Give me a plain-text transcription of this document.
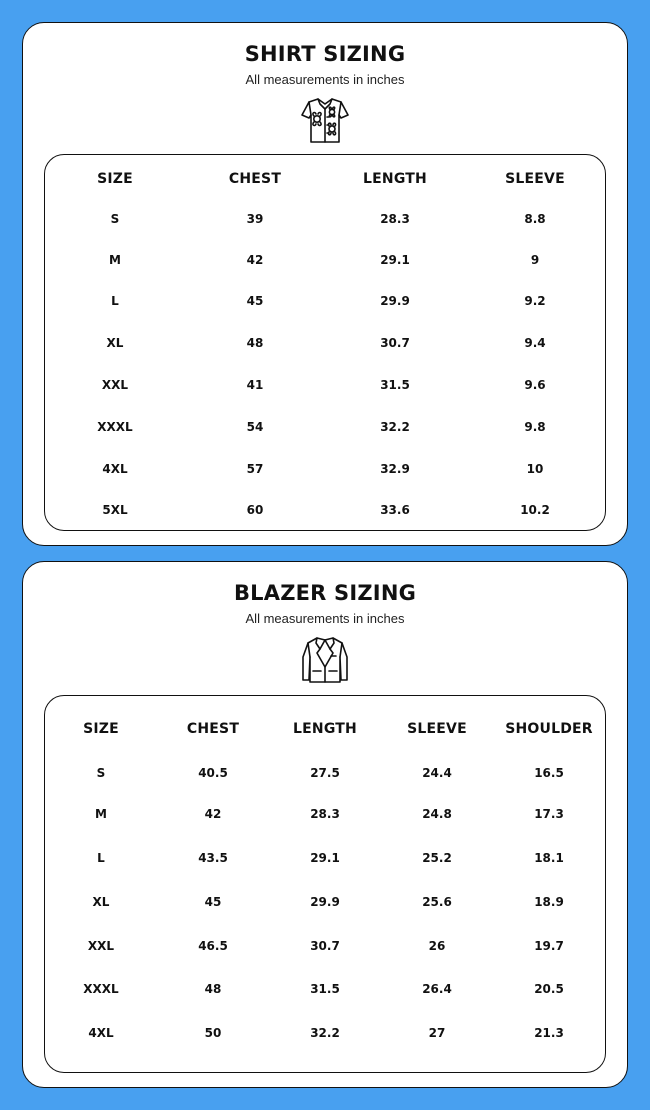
SHIRT SIZING
All measurements in inches
SIZE	CHEST	LENGTH	SLEEVE
S	39	28.3	8.8
M	42	29.1	9
L	45	29.9	9.2
XL	48	30.7	9.4
XXL	41	31.5	9.6
XXXL	54	32.2	9.8
4XL	57	32.9	10
5XL	60	33.6	10.2
BLAZER SIZING
All measurements in inches
SIZE	CHEST	LENGTH	SLEEVE	SHOULDER
S	40.5	27.5	24.4	16.5
M	42	28.3	24.8	17.3
L	43.5	29.1	25.2	18.1
XL	45	29.9	25.6	18.9
XXL	46.5	30.7	26	19.7
XXXL	48	31.5	26.4	20.5
4XL	50	32.2	27	21.3
